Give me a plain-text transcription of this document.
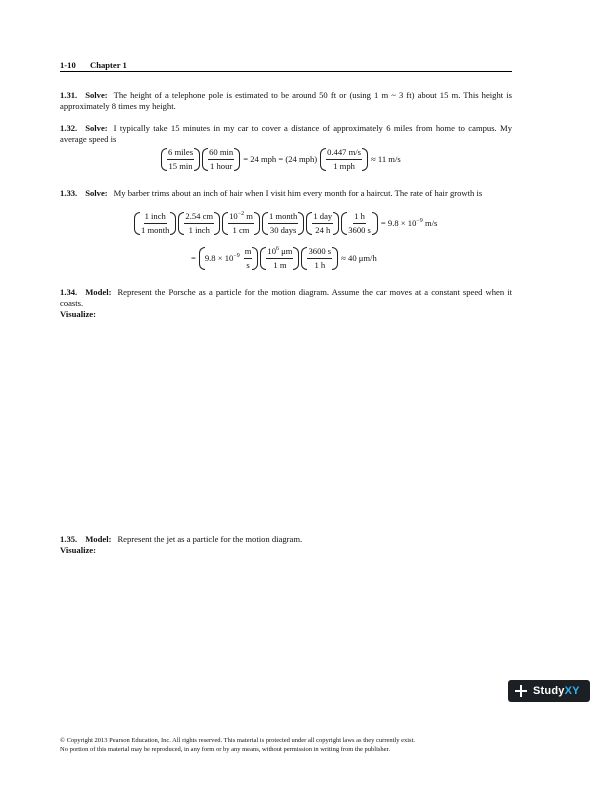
1-10 Chapter 1
1.31. Solve: The height of a telephone pole is estimated to be around 50 ft or (using 1 m ~ 3 ft) about 15 m. This height is approximately 8 times my height.
1.32. Solve: I typically take 15 minutes in my car to cover a distance of approximately 6 miles from home to campus. My average speed is
$\frac{\text{6 miles}}{15 \min} \frac{60 \min}{\text{1 hour}} = 24$ mph = (24 $mph) \frac{0.447 m/s}{\text{1 mph}} \approx 11$ m/s
1.33. Solve: My barber trims about an inch of hair when I visit him every month for a haircut. The rate of hair growth is
$\frac{\text{1 inch}}{\text{1 month}} \frac{2.54 cm}{\text{1 inch}} \frac{10^{-2} m}{1 cm} \frac{\text{1 month}}{\text{30 days}} \frac{\text{1 day}}{24 h} \frac{1 h}{3600 s} = 9.8 \times 10^{-9}$ m/s
= $9.8 \times 10^{-9} \frac{m}{s} \frac{10^6 \mu m}{1 m} \frac{3600 s}{1 h} \approx 40$ μm/h
1.34. Model: Represent the Porsche as a particle for the motion diagram. Assume the car moves at a constant speed when it coasts.
Visualize:
1.35. Model: Represent the jet as a particle for the motion diagram.
Visualize:
StudyXY
© Copyright 2013 Pearson Education, Inc. All rights reserved. This material is protected under all copyright laws as they currently exist.
No portion of this material may be reproduced, in any form or by any means, without permission in writing from the publisher.
